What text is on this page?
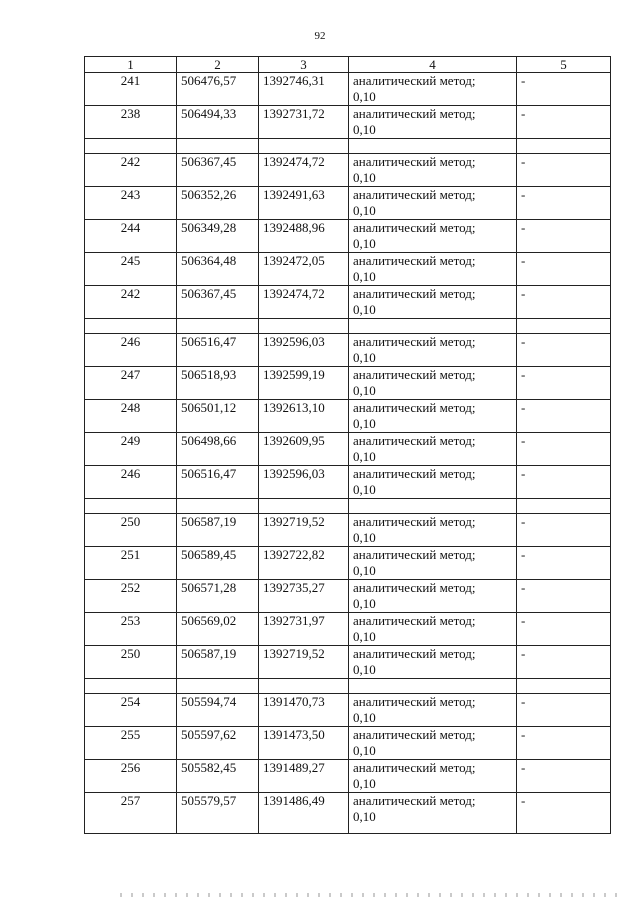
92
1	2	3	4	5
241	506476,57	1392746,31	аналитический метод;
0,10	-
238	506494,33	1392731,72	аналитический метод;
0,10	-

242	506367,45	1392474,72	аналитический метод;
0,10	-
243	506352,26	1392491,63	аналитический метод;
0,10	-
244	506349,28	1392488,96	аналитический метод;
0,10	-
245	506364,48	1392472,05	аналитический метод;
0,10	-
242	506367,45	1392474,72	аналитический метод;
0,10	-

246	506516,47	1392596,03	аналитический метод;
0,10	-
247	506518,93	1392599,19	аналитический метод;
0,10	-
248	506501,12	1392613,10	аналитический метод;
0,10	-
249	506498,66	1392609,95	аналитический метод;
0,10	-
246	506516,47	1392596,03	аналитический метод;
0,10	-

250	506587,19	1392719,52	аналитический метод;
0,10	-
251	506589,45	1392722,82	аналитический метод;
0,10	-
252	506571,28	1392735,27	аналитический метод;
0,10	-
253	506569,02	1392731,97	аналитический метод;
0,10	-
250	506587,19	1392719,52	аналитический метод;
0,10	-

254	505594,74	1391470,73	аналитический метод;
0,10	-
255	505597,62	1391473,50	аналитический метод;
0,10	-
256	505582,45	1391489,27	аналитический метод;
0,10	-
257	505579,57	1391486,49	аналитический метод;
0,10	-
